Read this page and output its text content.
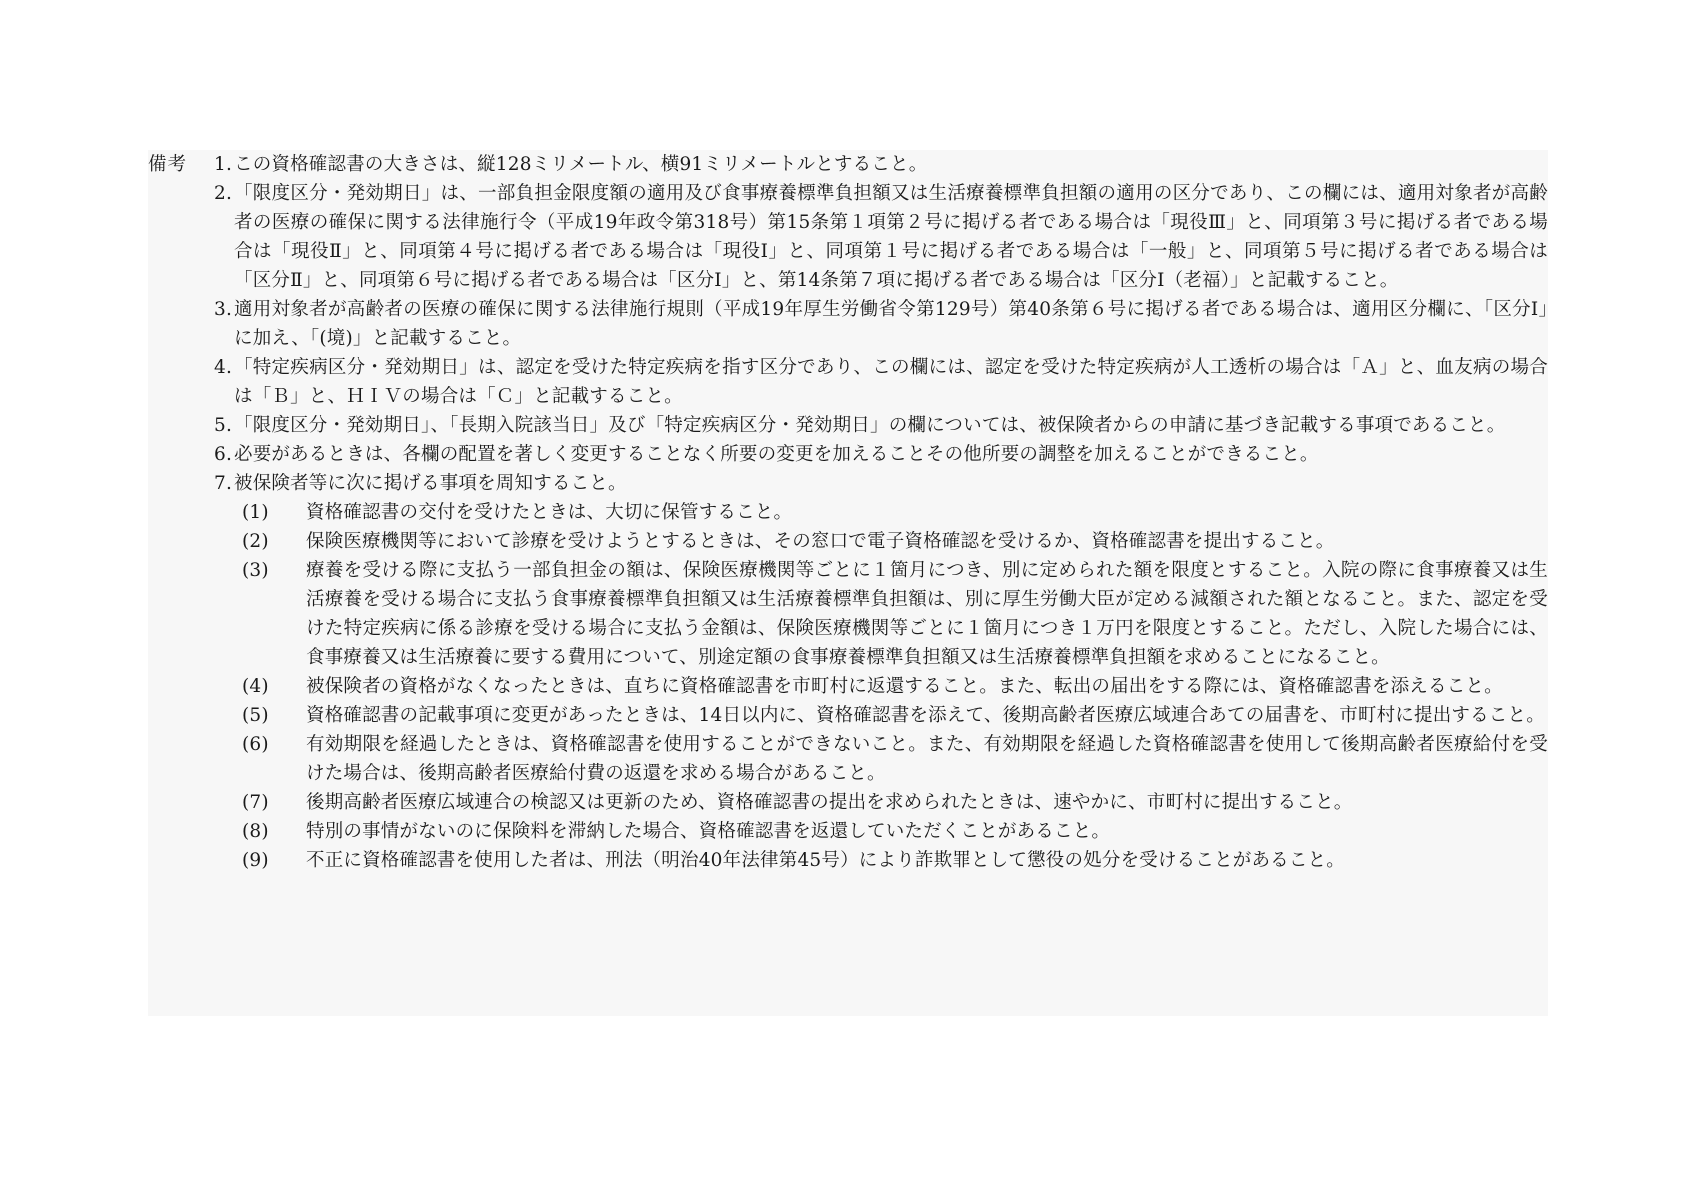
備考 1. この資格確認書の大きさは、縦128ミリメートル、横91ミリメートルとすること。
2. 「限度区分・発効期日」は、一部負担金限度額の適用及び食事療養標準負担額又は生活療養標準負担額の適用の区分であり、この欄には、適用対象者が高齢者の医療の確保に関する法律施行令（平成19年政令第318号）第15条第１項第２号に掲げる者である場合は「現役Ⅲ」と、同項第３号に掲げる者である場合は「現役Ⅱ」と、同項第４号に掲げる者である場合は「現役Ⅰ」と、同項第１号に掲げる者である場合は「一般」と、同項第５号に掲げる者である場合は「区分Ⅱ」と、同項第６号に掲げる者である場合は「区分Ⅰ」と、第14条第７項に掲げる者である場合は「区分Ⅰ（老福）」と記載すること。
3. 適用対象者が高齢者の医療の確保に関する法律施行規則（平成19年厚生労働省令第129号）第40条第６号に掲げる者である場合は、適用区分欄に、「区分Ⅰ」に加え、「(境)」と記載すること。
4. 「特定疾病区分・発効期日」は、認定を受けた特定疾病を指す区分であり、この欄には、認定を受けた特定疾病が人工透析の場合は「Ａ」と、血友病の場合は「Ｂ」と、ＨＩＶの場合は「Ｃ」と記載すること。
5. 「限度区分・発効期日」、「長期入院該当日」及び「特定疾病区分・発効期日」の欄については、被保険者からの申請に基づき記載する事項であること。
6. 必要があるときは、各欄の配置を著しく変更することなく所要の変更を加えることその他所要の調整を加えることができること。
7. 被保険者等に次に掲げる事項を周知すること。
(1) 資格確認書の交付を受けたときは、大切に保管すること。
(2) 保険医療機関等において診療を受けようとするときは、その窓口で電子資格確認を受けるか、資格確認書を提出すること。
(3) 療養を受ける際に支払う一部負担金の額は、保険医療機関等ごとに１箇月につき、別に定められた額を限度とすること。入院の際に食事療養又は生活療養を受ける場合に支払う食事療養標準負担額又は生活療養標準負担額は、別に厚生労働大臣が定める減額された額となること。また、認定を受けた特定疾病に係る診療を受ける場合に支払う金額は、保険医療機関等ごとに１箇月につき１万円を限度とすること。ただし、入院した場合には、食事療養又は生活療養に要する費用について、別途定額の食事療養標準負担額又は生活療養標準負担額を求めることになること。
(4) 被保険者の資格がなくなったときは、直ちに資格確認書を市町村に返還すること。また、転出の届出をする際には、資格確認書を添えること。
(5) 資格確認書の記載事項に変更があったときは、14日以内に、資格確認書を添えて、後期高齢者医療広域連合あての届書を、市町村に提出すること。
(6) 有効期限を経過したときは、資格確認書を使用することができないこと。また、有効期限を経過した資格確認書を使用して後期高齢者医療給付を受けた場合は、後期高齢者医療給付費の返還を求める場合があること。
(7) 後期高齢者医療広域連合の検認又は更新のため、資格確認書の提出を求められたときは、速やかに、市町村に提出すること。
(8) 特別の事情がないのに保険料を滞納した場合、資格確認書を返還していただくことがあること。
(9) 不正に資格確認書を使用した者は、刑法（明治40年法律第45号）により詐欺罪として懲役の処分を受けることがあること。
